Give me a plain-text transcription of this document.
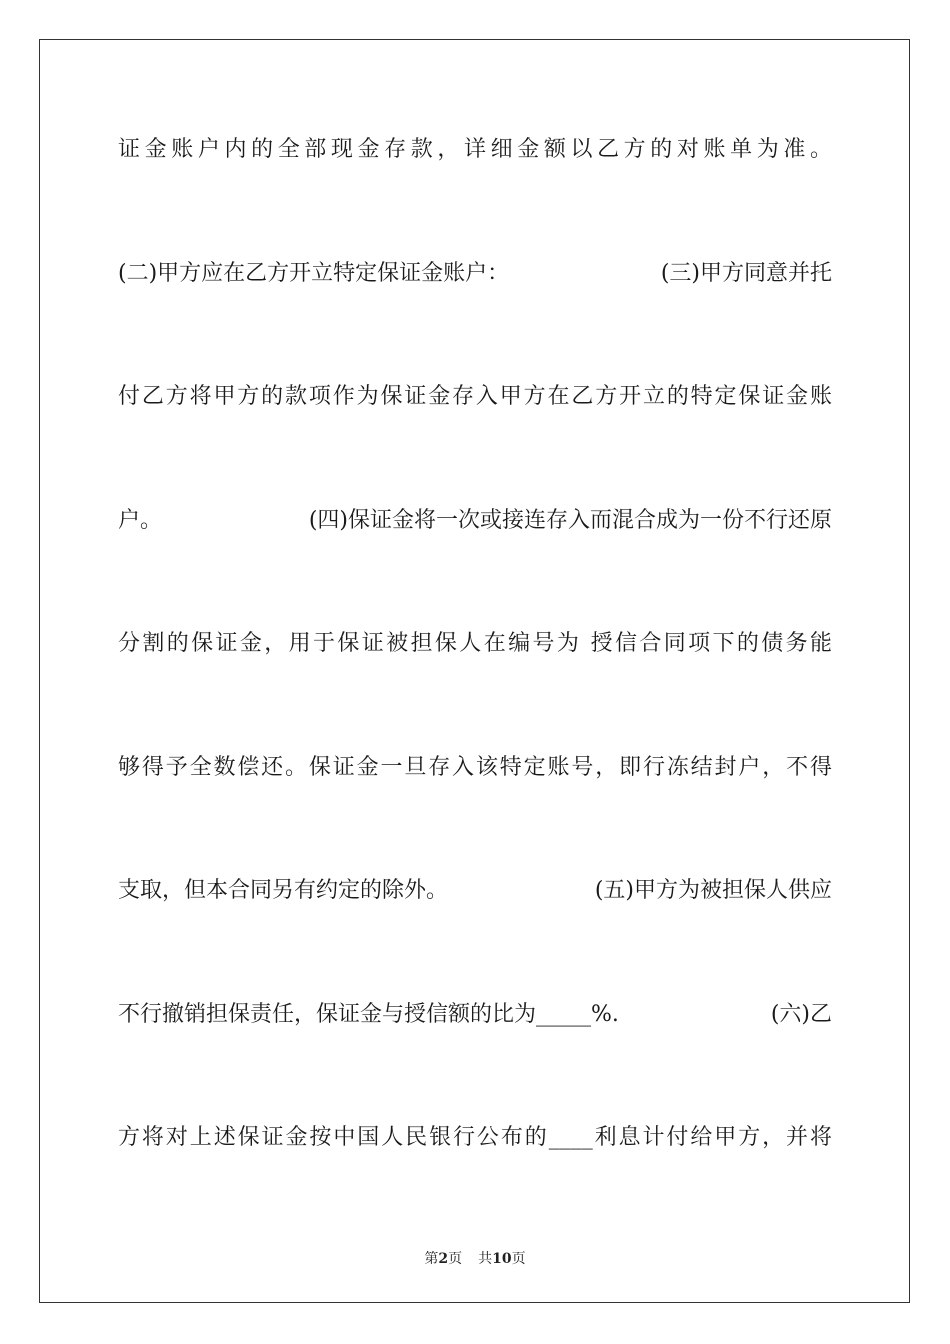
证金账户内的全部现金存款，详细金额以乙方的对账单为准。
(二)甲方应在乙方开立特定保证金账户：	(三)甲方同意并托
付乙方将甲方的款项作为保证金存入甲方在乙方开立的特定保证金账
户。	(四)保证金将一次或接连存入而混合成为一份不行还原
分割的保证金，用于保证被担保人在编号为 授信合同项下的债务能
够得予全数偿还。保证金一旦存入该特定账号，即行冻结封户，不得
支取，但本合同另有约定的除外。	(五)甲方为被担保人供应
不行撤销担保责任，保证金与授信额的比为_____%.	(六)乙
方将对上述保证金按中国人民银行公布的____利息计付给甲方，并将
第2页 共10页
